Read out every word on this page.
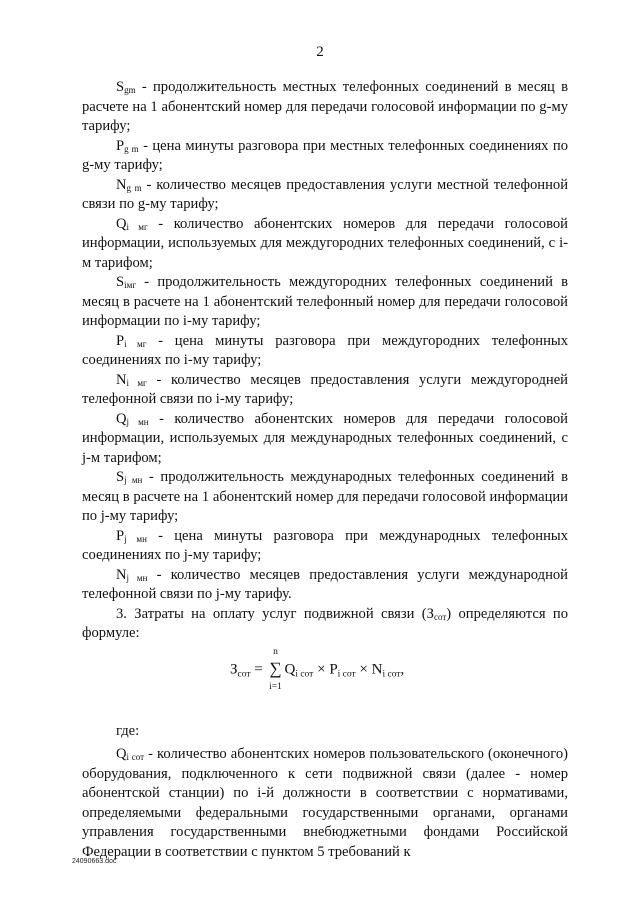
2

$S_{gm}$ - продолжительность местных телефонных соединений в месяц в расчете на 1 абонентский номер для передачи голосовой информации по g-му тарифу;

$P_{g m}$ - цена минуты разговора при местных телефонных соединениях по g-му тарифу;

$N_{g m}$ - количество месяцев предоставления услуги местной телефонной связи по g-му тарифу;

$Q_{i мг}$ - количество абонентских номеров для передачи голосовой информации, используемых для междугородних телефонных соединений, с i-м тарифом;

$S_{iмг}$ - продолжительность междугородних телефонных соединений в месяц в расчете на 1 абонентский телефонный номер для передачи голосовой информации по i-му тарифу;

$P_{i мг}$ - цена минуты разговора при междугородних телефонных соединениях по i-му тарифу;

$N_{i мг}$ - количество месяцев предоставления услуги междугородней телефонной связи по i-му тарифу;

$Q_{j мн}$ - количество абонентских номеров для передачи голосовой информации, используемых для международных телефонных соединений, с j-м тарифом;

$S_{j мн}$ - продолжительность международных телефонных соединений в месяц в расчете на 1 абонентский номер для передачи голосовой информации по j-му тарифу;

$P_{j мн}$ - цена минуты разговора при международных телефонных соединениях по j-му тарифу;

$N_{j мн}$ - количество месяцев предоставления услуги международной телефонной связи по j-му тарифу.

3. Затраты на оплату услуг подвижной связи $(З_{сот})$ определяются по формуле:

$З_{сот}$ =
n
∑
i=1
$Q_{i сот} \times P_{i сот} \times N_{i сот}$,

где:

$Q_{i сот}$ - количество абонентских номеров пользовательского (оконечного) оборудования, подключенного к сети подвижной связи (далее - номер абонентской станции) по i-й должности в соответствии с нормативами, определяемыми федеральными государственными органами, органами управления государственными внебюджетными фондами Российской Федерации в соответствии с пунктом 5 требований к

24090663.doc
